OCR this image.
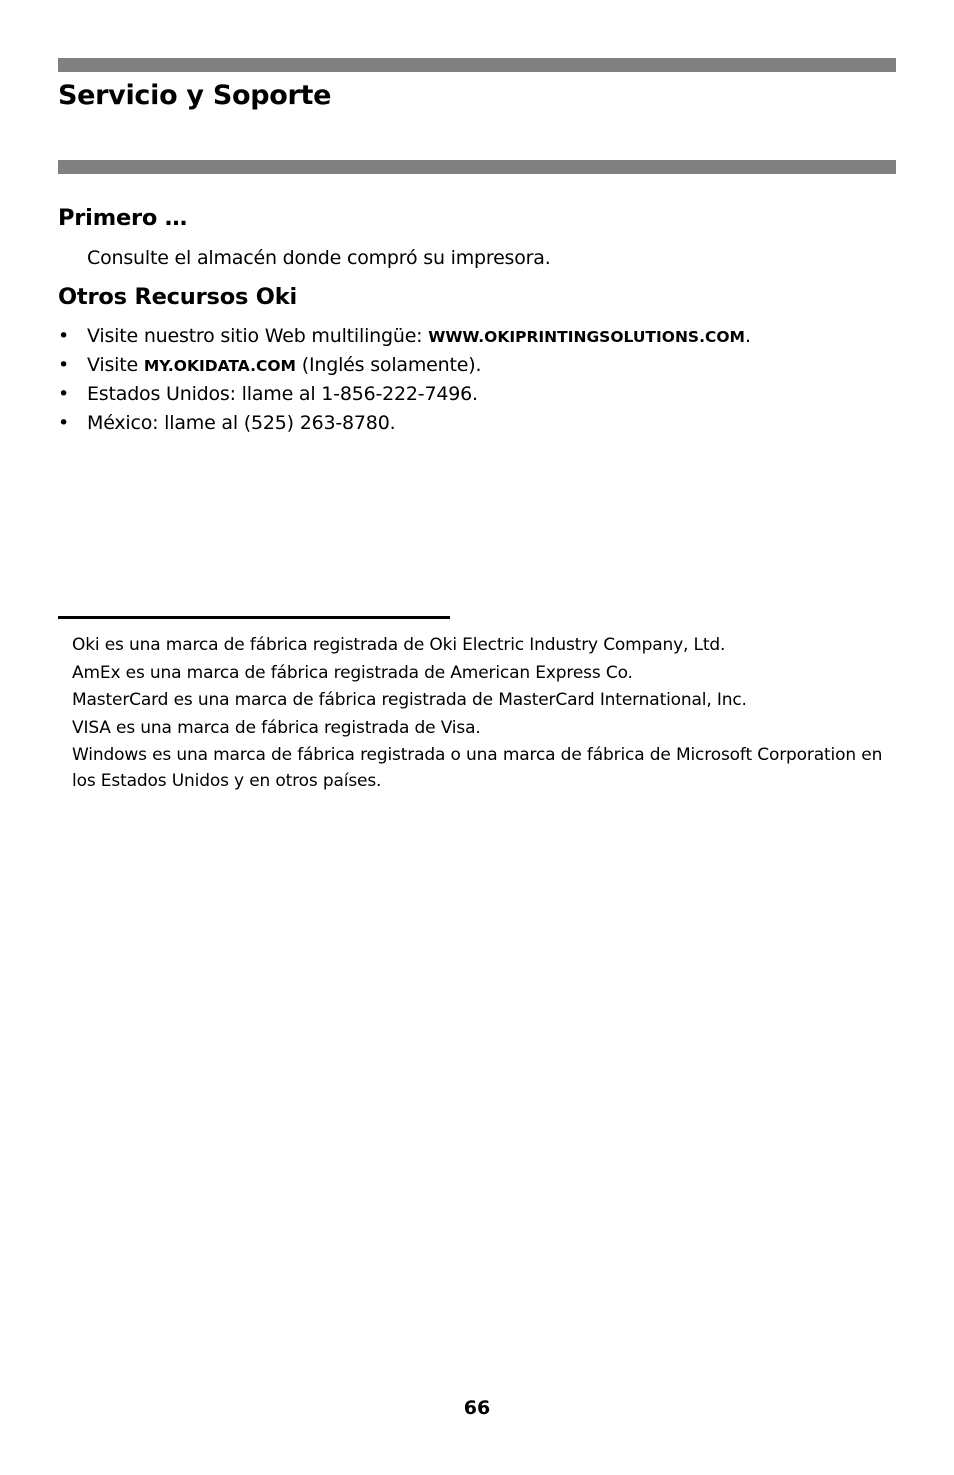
Servicio y Soporte
Primero …

Consulte el almacén donde compró su impresora.

Otros Recursos Oki
• Visite nuestro sitio Web multilingüe: WWW.OKIPRINTINGSOLUTIONS.COM.
• Visite MY.OKIDATA.COM (Inglés solamente).
• Estados Unidos: llame al 1-856-222-7496.
• México: llame al (525) 263-8780.

Oki es una marca de fábrica registrada de Oki Electric Industry Company, Ltd.

AmEx es una marca de fábrica registrada de American Express Co.

MasterCard es una marca de fábrica registrada de MasterCard International, Inc.

VISA es una marca de fábrica registrada de Visa.

Windows es una marca de fábrica registrada o una marca de fábrica de Microsoft Corporation en los Estados Unidos y en otros países.

66
